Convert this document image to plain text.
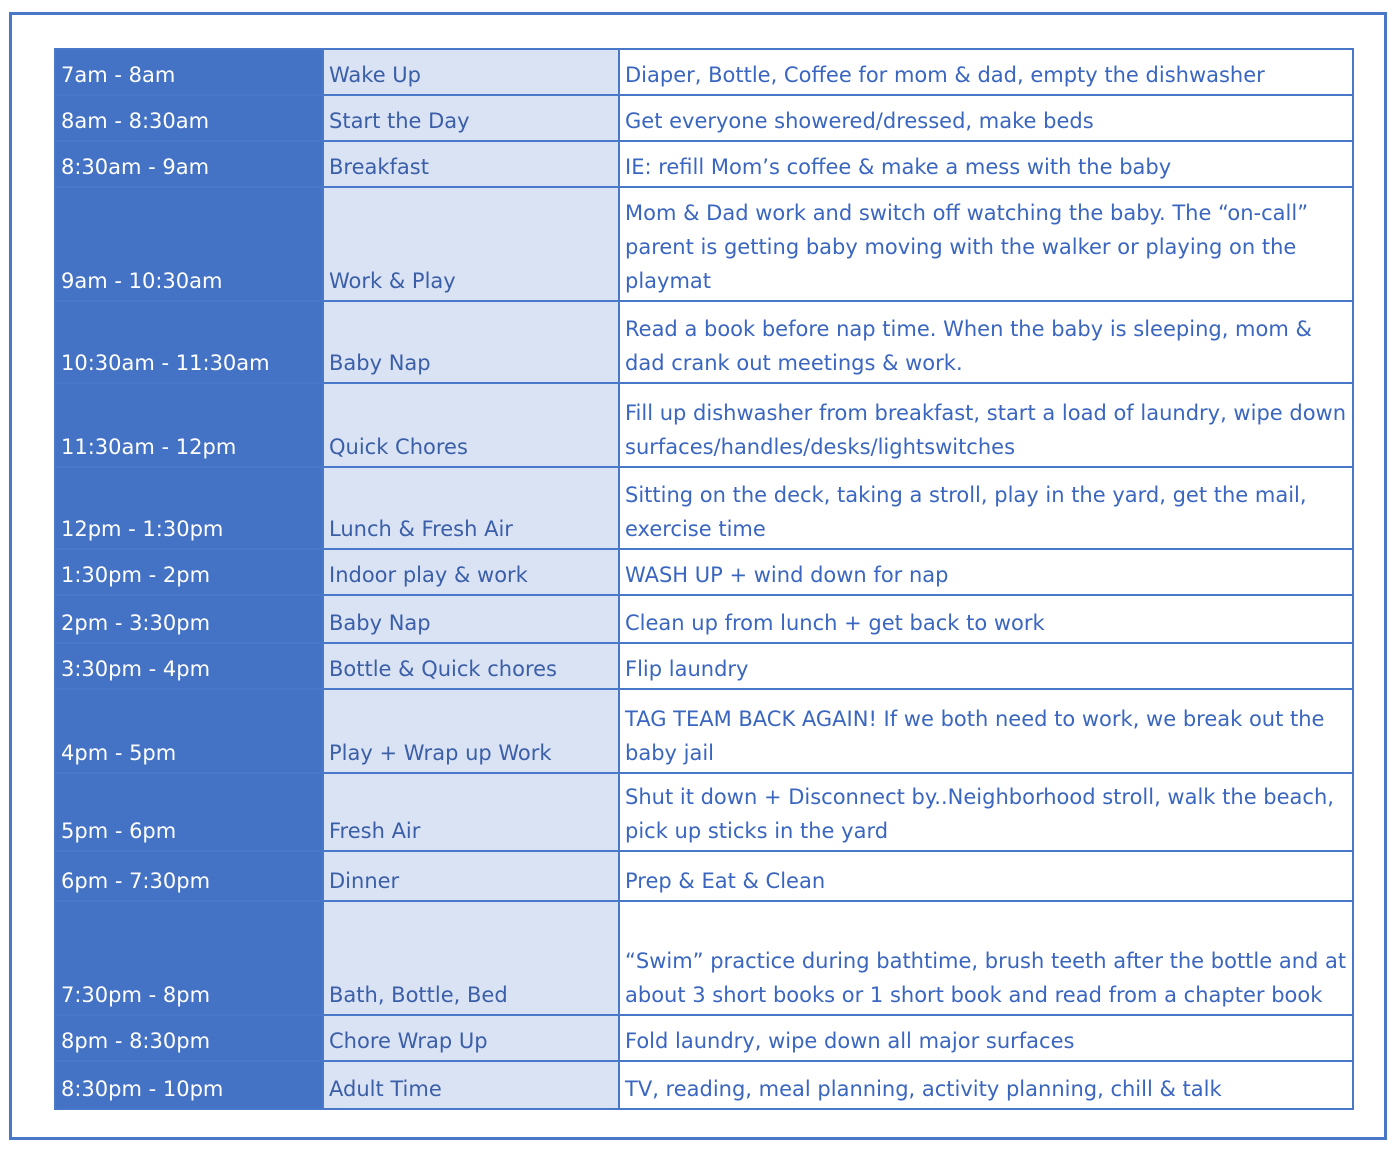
7am - 8am	Wake Up	Diaper, Bottle, Coffee for mom & dad, empty the dishwasher
8am - 8:30am	Start the Day	Get everyone showered/dressed, make beds
8:30am - 9am	Breakfast	IE: refill Mom’s coffee & make a mess with the baby
9am - 10:30am	Work & Play	Mom & Dad work and switch off watching the baby. The “on-call” parent is getting baby moving with the walker or playing on the playmat
10:30am - 11:30am	Baby Nap	Read a book before nap time. When the baby is sleeping, mom & dad crank out meetings & work.
11:30am - 12pm	Quick Chores	Fill up dishwasher from breakfast, start a load of laundry, wipe down surfaces/handles/desks/lightswitches
12pm - 1:30pm	Lunch & Fresh Air	Sitting on the deck, taking a stroll, play in the yard, get the mail, exercise time
1:30pm - 2pm	Indoor play & work	WASH UP + wind down for nap
2pm - 3:30pm	Baby Nap	Clean up from lunch + get back to work
3:30pm - 4pm	Bottle & Quick chores	Flip laundry
4pm - 5pm	Play + Wrap up Work	TAG TEAM BACK AGAIN! If we both need to work, we break out the baby jail
5pm - 6pm	Fresh Air	Shut it down + Disconnect by..Neighborhood stroll, walk the beach, pick up sticks in the yard
6pm - 7:30pm	Dinner	Prep & Eat & Clean
7:30pm - 8pm	Bath, Bottle, Bed	“Swim” practice during bathtime, brush teeth after the bottle and at about 3 short books or 1 short book and read from a chapter book
8pm - 8:30pm	Chore Wrap Up	Fold laundry, wipe down all major surfaces
8:30pm - 10pm	Adult Time	TV, reading, meal planning, activity planning, chill & talk
